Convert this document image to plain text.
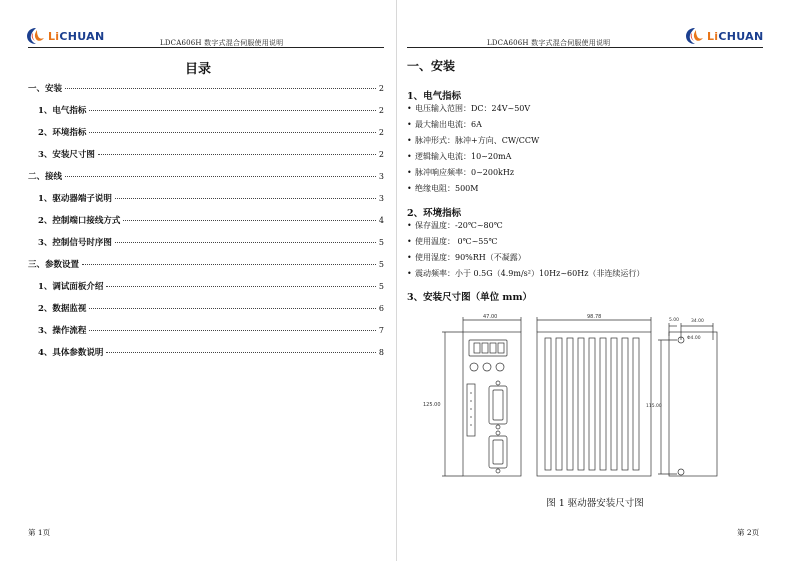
LiCHUAN
LDCA606H 数字式混合伺服使用说明
目录
一、安装	2
1、电气指标	2
2、环境指标	2
3、安装尺寸图	2
二、接线	3
1、驱动器端子说明	3
2、控制端口接线方式	4
3、控制信号时序图	5
三、参数设置	5
1、调试面板介绍	5
2、数据监视	6
3、操作流程	7
4、具体参数说明	8
第 1页
LDCA606H 数字式混合伺服使用说明
LiCHUAN
一、安装
1、电气指标
• 电压输入范围：DC：24V~50V
• 最大输出电流：6A
• 脉冲形式：脉冲+方向、CW/CCW
• 逻辑输入电流：10~20mA
• 脉冲响应频率：0~200kHz
• 绝缘电阻：500M
2、环境指标
• 保存温度：-20℃~80℃
• 使用温度： 0℃~55℃
• 使用湿度：90%RH（不凝露）
• 震动频率：小于 0.5G（4.9m/s²）10Hz~60Hz（非连续运行）
3、安装尺寸图（单位 mm）
47.00
125.00
98.78
5.00	34.00
Φ4.00
115.00
图 1 驱动器安装尺寸图
第 2页
